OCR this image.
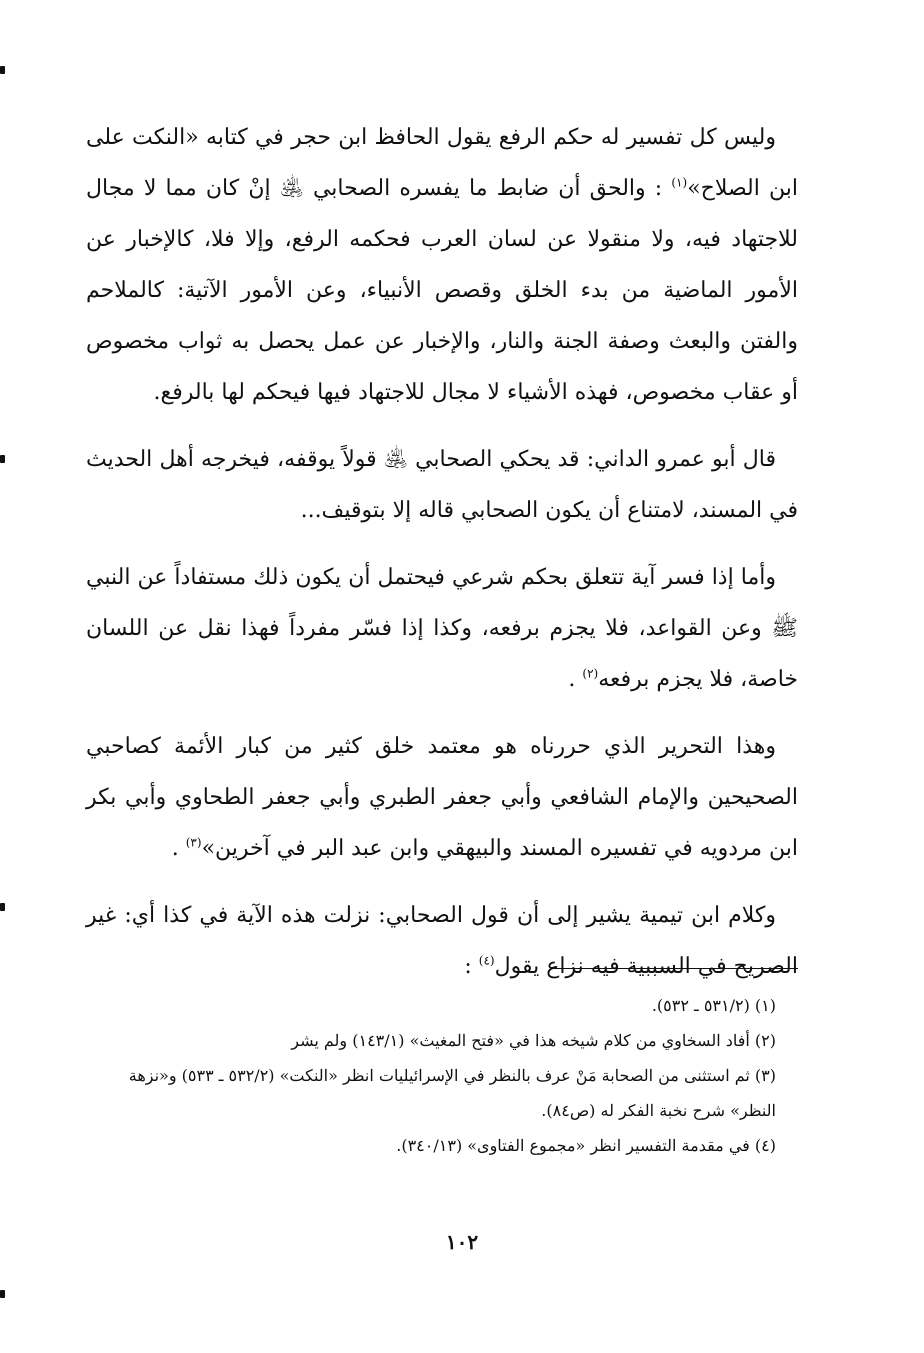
وليس كل تفسير له حكم الرفع يقول الحافظ ابن حجر في كتابه «النكت على ابن الصلاح»$^{(١)}$ : والحق أن ضابط ما يفسره الصحابي ﵁ إنْ كان مما لا مجال للاجتهاد فيه، ولا منقولا عن لسان العرب فحكمه الرفع، وإلا فلا، كالإخبار عن الأمور الماضية من بدء الخلق وقصص الأنبياء، وعن الأمور الآتية: كالملاحم والفتن والبعث وصفة الجنة والنار، والإخبار عن عمل يحصل به ثواب مخصوص أو عقاب مخصوص، فهذه الأشياء لا مجال للاجتهاد فيها فيحكم لها بالرفع.

قال أبو عمرو الداني: قد يحكي الصحابي ﵁ قولاً يوقفه، فيخرجه أهل الحديث في المسند، لامتناع أن يكون الصحابي قاله إلا بتوقيف...

وأما إذا فسر آية تتعلق بحكم شرعي فيحتمل أن يكون ذلك مستفاداً عن النبي ﷺ وعن القواعد، فلا يجزم برفعه، وكذا إذا فسّر مفرداً فهذا نقل عن اللسان خاصة، فلا يجزم برفعه$^{(٢)}$ .

وهذا التحرير الذي حررناه هو معتمد خلق كثير من كبار الأئمة كصاحبي الصحيحين والإمام الشافعي وأبي جعفر الطبري وأبي جعفر الطحاوي وأبي بكر ابن مردويه في تفسيره المسند والبيهقي وابن عبد البر في آخرين»$^{(٣)}$ .

وكلام ابن تيمية يشير إلى أن قول الصحابي: نزلت هذه الآية في كذا أي: غير الصريح في السببية فيه نزاع يقول$^{(٤)}$ :

(١) (٥٣١/٢ ـ ٥٣٢).

(٢) أفاد السخاوي من كلام شيخه هذا في «فتح المغيث» (١٤٣/١) ولم يشر

(٣) ثم استثنى من الصحابة مَنْ عرف بالنظر في الإسرائيليات انظر «النكت» (٥٣٢/٢ ـ ٥٣٣) و«نزهة النظر» شرح نخبة الفكر له (ص٨٤).

(٤) في مقدمة التفسير انظر «مجموع الفتاوى» (٣٤٠/١٣).

١٠٢
